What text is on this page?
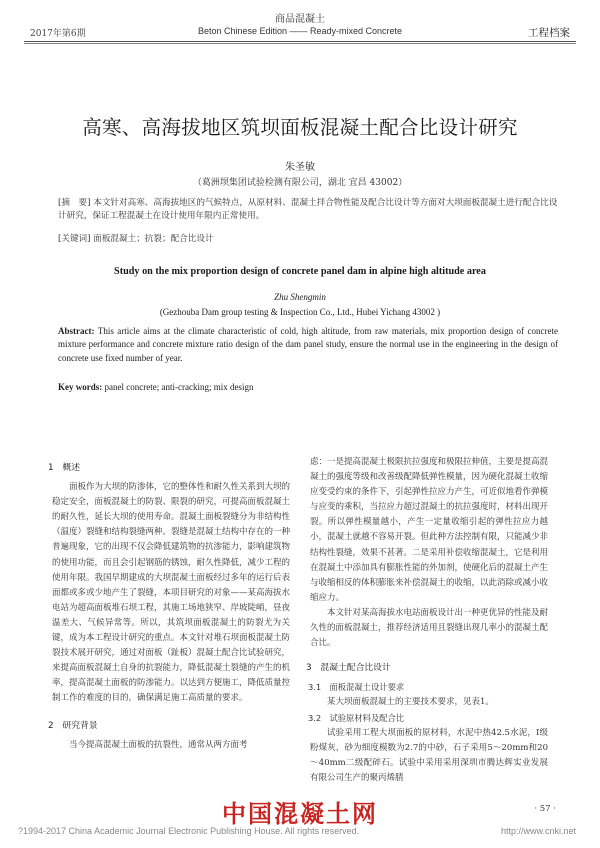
商品混凝土
2017年第6期	Beton Chinese Edition —— Ready-mixed Concrete	工程档案
高寒、高海拔地区筑坝面板混凝土配合比设计研究
朱圣敏
（葛洲坝集团试验检测有限公司，湖北 宜昌 43002）
[摘　要] 本文针对高寒、高海拔地区的气候特点，从原材料、混凝土拌合物性能及配合比设计等方面对大坝面板混凝土进行配合比设计研究，保证工程混凝土在设计使用年限内正常使用。
[关键词] 面板混凝土；抗裂；配合比设计
Study on the mix proportion design of concrete panel dam in alpine high altitude area
Zhu Shengmin
(Gezhouba Dam group testing & Inspection Co., Ltd., Hubei Yichang 43002 )
Abstract: This article aims at the climate characteristic of cold, high altitude, from raw materials, mix proportion design of concrete mixture performance and concrete mixture ratio design of the dam panel study, ensure the normal use in the engineering in the design of concrete use fixed number of year.
Key words: panel concrete; anti-cracking; mix design
1　概述

面板作为大坝的防渗体，它的整体性和耐久性关系到大坝的稳定安全，面板混凝土的防裂、限裂的研究，可提高面板混凝土的耐久性，延长大坝的使用寿命。混凝土面板裂缝分为非结构性（温度）裂缝和结构裂缝两种。裂缝是混凝土结构中存在的一种普遍现象，它的出现不仅会降低建筑物的抗渗能力，影响建筑物的使用功能，而且会引起钢筋的锈蚀，耐久性降低，减少工程的使用年限。我国早期建成的大坝混凝土面板经过多年的运行后表面都或多或少地产生了裂缝，本项目研究的对象——某高海拔水电站为超高面板堆石坝工程，其施工场地狭窄、岸坡陡峭，昼夜温差大、气候异常等。所以，其筑坝面板混凝土的防裂尤为关键，成为本工程设计研究的重点。本文针对堆石坝面板混凝土防裂技术展开研究，通过对面板（趾板）混凝土配合比试验研究，来提高面板混凝土自身的抗裂能力，降低混凝土裂缝的产生的机率，提高混凝土面板的防渗能力。以达到方便施工，降低质量控制工作的难度的目的，确保满足施工高质量的要求。

2　研究背景

当今提高混凝土面板的抗裂性，通常从两方面考

虑：一是提高混凝土极限抗拉强度和极限拉伸值，主要是提高混凝土的强度等级和改善级配降低弹性模量，因为硬化混凝土收缩应变受约束的条件下，引起弹性拉应力产生，可近似地看作弹模与应变的乘积，当拉应力超过混凝土的抗拉强度时，材料出现开裂。所以弹性模量越小，产生一定量收缩引起的弹性拉应力越小，混凝土就越不容易开裂。但此种方法控制有限，只能减少非结构性裂缝，效果不甚著。二是采用补偿收缩混凝土，它是利用在混凝土中添加具有膨胀性能的外加剂，使硬化后的混凝土产生与收缩相反的体积膨胀来补偿混凝土的收缩，以此消除或减小收缩应力。

本文针对某高海拔水电站面板设计出一种更优异的性能及耐久性的面板混凝土，推荐经济适用且裂缝出现几率小的混凝土配合比。

3　混凝土配合比设计
3.1　面板混凝土设计要求

某大坝面板混凝土的主要技术要求，见表1。

3.2　试验原材料及配合比

试验采用工程大坝面板的原材料，水泥中热42.5水泥，Ⅰ级粉煤灰，砂为细度模数为2.7的中砂，石子采用5～20mm和20～40mm二级配碎石。试验中采用采用深圳市腾达辉实业发展有限公司生产的聚丙烯腈

中国混凝土网	· 57 ·
?1994-2017 China Academic Journal Electronic Publishing House. All rights reserved.	http://www.cnki.net
